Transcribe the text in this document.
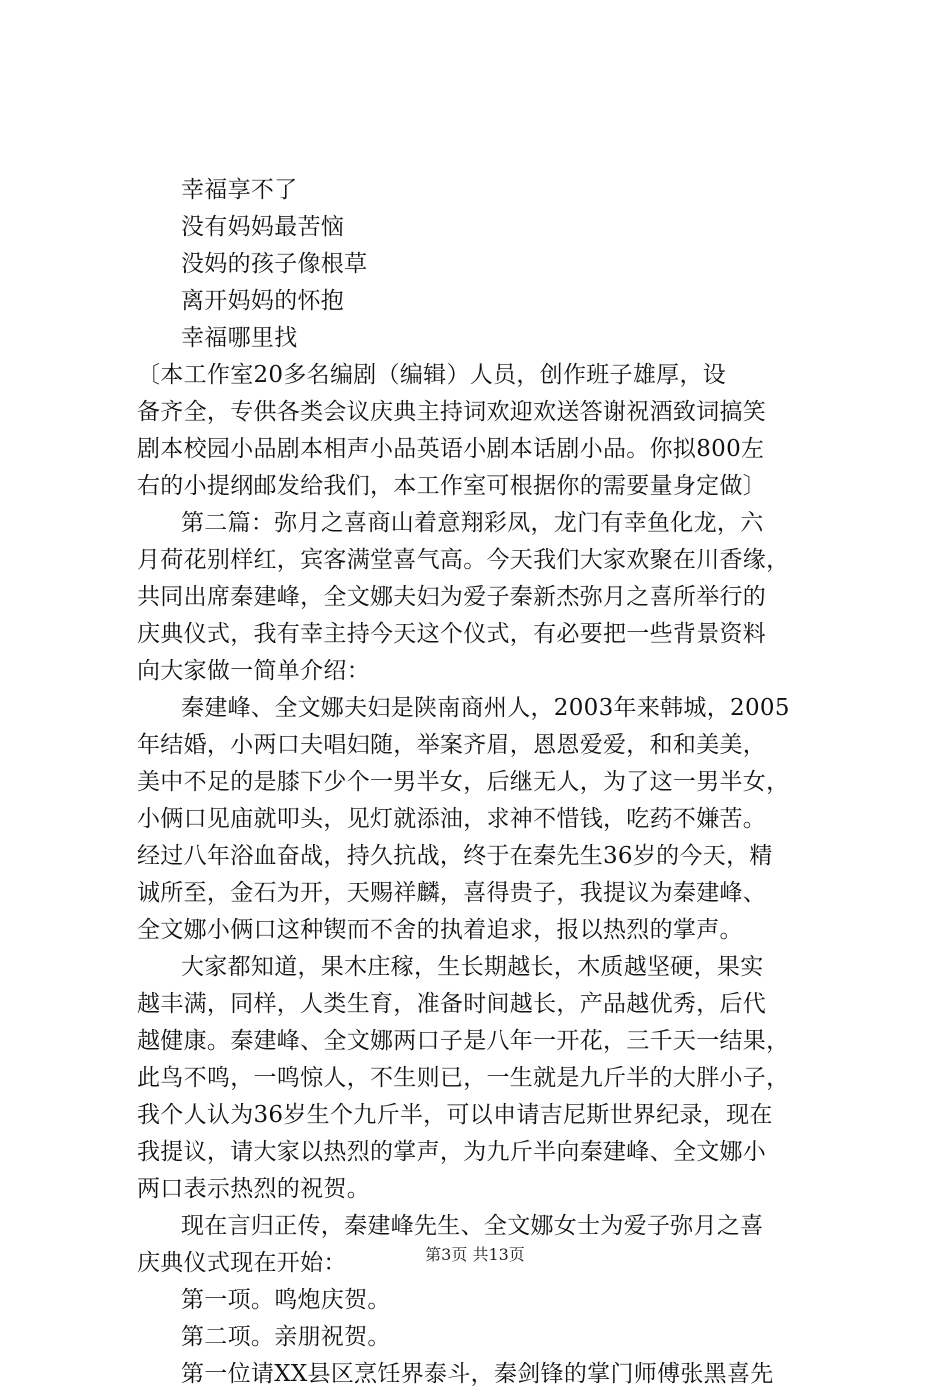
幸福享不了
没有妈妈最苦恼
没妈的孩子像根草
离开妈妈的怀抱
幸福哪里找
〔本工作室20多名编剧（编辑）人员，创作班子雄厚，设
备齐全，专供各类会议庆典主持词欢迎欢送答谢祝酒致词搞笑
剧本校园小品剧本相声小品英语小剧本话剧小品。你拟800左
右的小提纲邮发给我们，本工作室可根据你的需要量身定做〕
第二篇：弥月之喜商山着意翔彩凤，龙门有幸鱼化龙，六
月荷花别样红，宾客满堂喜气高。今天我们大家欢聚在川香缘，
共同出席秦建峰，全文娜夫妇为爱子秦新杰弥月之喜所举行的
庆典仪式，我有幸主持今天这个仪式，有必要把一些背景资料
向大家做一简单介绍：
秦建峰、全文娜夫妇是陕南商州人，2003年来韩城，2005
年结婚，小两口夫唱妇随，举案齐眉，恩恩爱爱，和和美美，
美中不足的是膝下少个一男半女，后继无人，为了这一男半女，
小俩口见庙就叩头，见灯就添油，求神不惜钱，吃药不嫌苦。
经过八年浴血奋战，持久抗战，终于在秦先生36岁的今天，精
诚所至，金石为开，天赐祥麟，喜得贵子，我提议为秦建峰、
全文娜小俩口这种锲而不舍的执着追求，报以热烈的掌声。
大家都知道，果木庄稼，生长期越长，木质越坚硬，果实
越丰满，同样，人类生育，准备时间越长，产品越优秀，后代
越健康。秦建峰、全文娜两口子是八年一开花，三千天一结果，
此鸟不鸣，一鸣惊人，不生则已，一生就是九斤半的大胖小子，
我个人认为36岁生个九斤半，可以申请吉尼斯世界纪录，现在
我提议，请大家以热烈的掌声，为九斤半向秦建峰、全文娜小
两口表示热烈的祝贺。
现在言归正传，秦建峰先生、全文娜女士为爱子弥月之喜
庆典仪式现在开始：
第一项。鸣炮庆贺。
第二项。亲朋祝贺。
第一位请XX县区烹饪界泰斗，秦剑锋的掌门师傅张黑喜先
第3页 共13页
